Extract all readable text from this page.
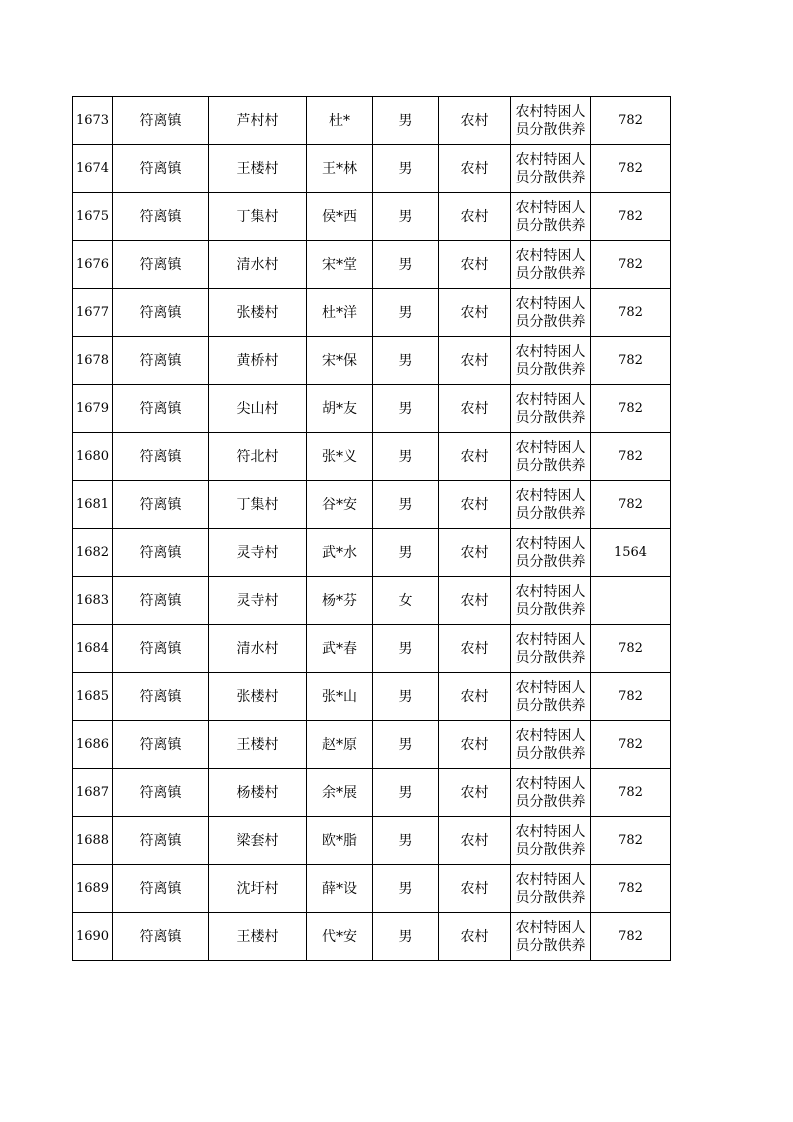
1673	符离镇	芦村村	杜*	男	农村	农村特困人员分散供养	782
1674	符离镇	王楼村	王*林	男	农村	农村特困人员分散供养	782
1675	符离镇	丁集村	侯*西	男	农村	农村特困人员分散供养	782
1676	符离镇	清水村	宋*堂	男	农村	农村特困人员分散供养	782
1677	符离镇	张楼村	杜*洋	男	农村	农村特困人员分散供养	782
1678	符离镇	黄桥村	宋*保	男	农村	农村特困人员分散供养	782
1679	符离镇	尖山村	胡*友	男	农村	农村特困人员分散供养	782
1680	符离镇	符北村	张*义	男	农村	农村特困人员分散供养	782
1681	符离镇	丁集村	谷*安	男	农村	农村特困人员分散供养	782
1682	符离镇	灵寺村	武*水	男	农村	农村特困人员分散供养	1564
1683	符离镇	灵寺村	杨*芬	女	农村	农村特困人员分散供养	
1684	符离镇	清水村	武*春	男	农村	农村特困人员分散供养	782
1685	符离镇	张楼村	张*山	男	农村	农村特困人员分散供养	782
1686	符离镇	王楼村	赵*原	男	农村	农村特困人员分散供养	782
1687	符离镇	杨楼村	余*展	男	农村	农村特困人员分散供养	782
1688	符离镇	梁套村	欧*脂	男	农村	农村特困人员分散供养	782
1689	符离镇	沈圩村	薛*设	男	农村	农村特困人员分散供养	782
1690	符离镇	王楼村	代*安	男	农村	农村特困人员分散供养	782
